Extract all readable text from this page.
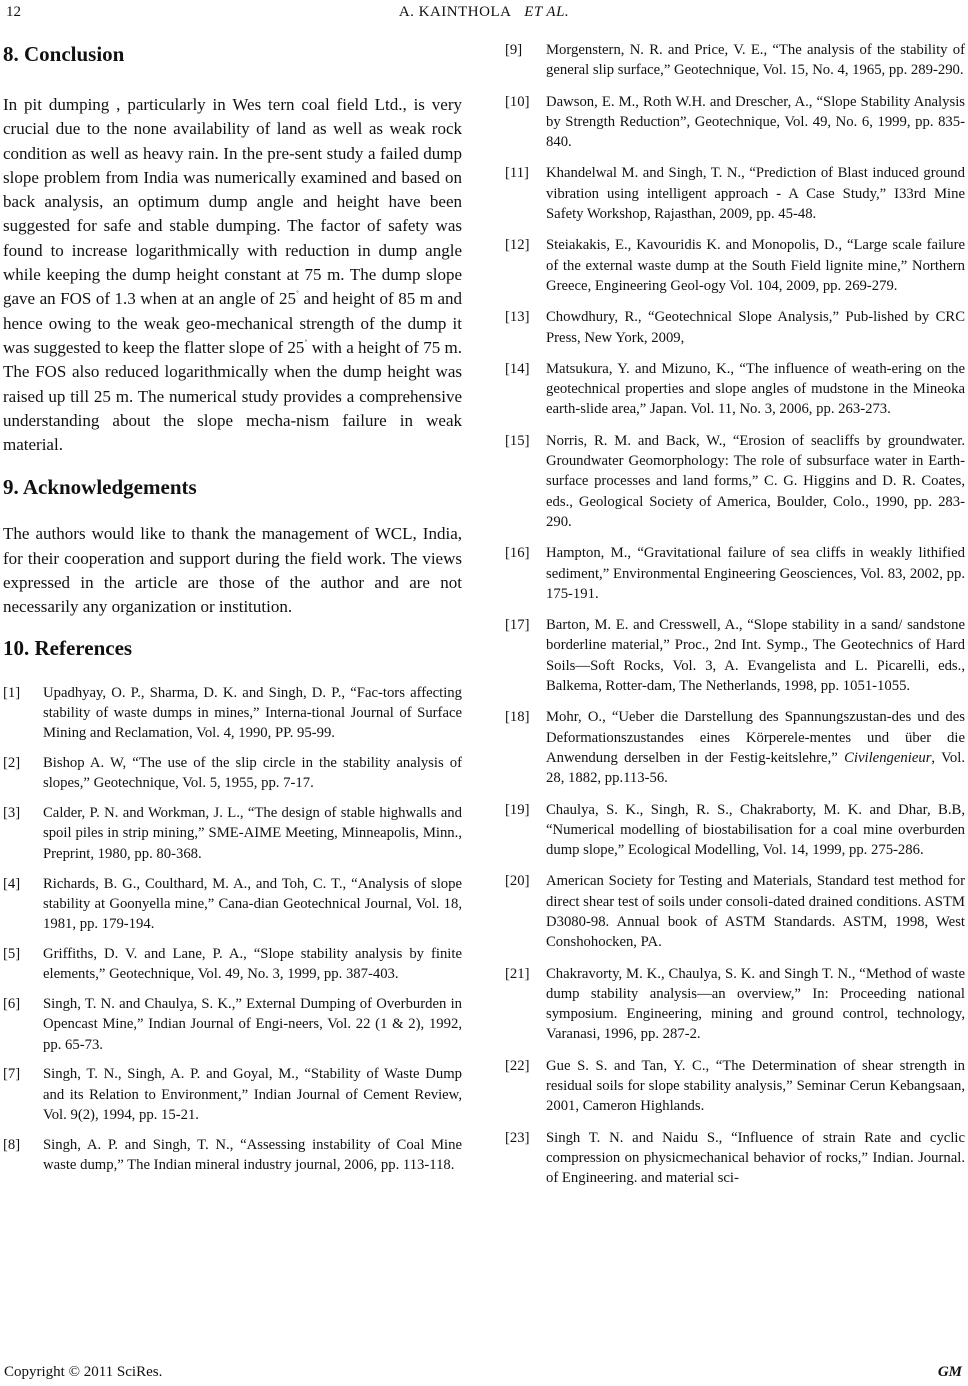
12	A. KAINTHOLA ET AL.
8. Conclusion

In pit dumping , particularly in Wes tern coal field Ltd., is very crucial due to the none availability of land as well as weak rock condition as well as heavy rain. In the pre-sent study a failed dump slope problem from India was numerically examined and based on back analysis, an optimum dump angle and height have been suggested for safe and stable dumping. The factor of safety was found to increase logarithmically with reduction in dump angle while keeping the dump height constant at 75 m. The dump slope gave an FOS of 1.3 when at an angle of 25˚ and height of 85 m and hence owing to the weak geo-mechanical strength of the dump it was suggested to keep the flatter slope of 25˚ with a height of 75 m. The FOS also reduced logarithmically when the dump height was raised up till 25 m. The numerical study provides a comprehensive understanding about the slope mecha-nism failure in weak material.

9. Acknowledgements

The authors would like to thank the management of WCL, India, for their cooperation and support during the field work. The views expressed in the article are those of the author and are not necessarily any organization or institution.

10. References
[1]	Upadhyay, O. P., Sharma, D. K. and Singh, D. P., “Fac-tors affecting stability of waste dumps in mines,” Interna-tional Journal of Surface Mining and Reclamation, Vol. 4, 1990, PP. 95-99.
[2]	Bishop A. W, “The use of the slip circle in the stability analysis of slopes,” Geotechnique, Vol. 5, 1955, pp. 7-17.
[3]	Calder, P. N. and Workman, J. L., “The design of stable highwalls and spoil piles in strip mining,” SME-AIME Meeting, Minneapolis, Minn., Preprint, 1980, pp. 80-368.
[4]	Richards, B. G., Coulthard, M. A., and Toh, C. T., “Analysis of slope stability at Goonyella mine,” Cana-dian Geotechnical Journal, Vol. 18, 1981, pp. 179-194.
[5]	Griffiths, D. V. and Lane, P. A., “Slope stability analysis by finite elements,” Geotechnique, Vol. 49, No. 3, 1999, pp. 387-403.
[6]	Singh, T. N. and Chaulya, S. K.,” External Dumping of Overburden in Opencast Mine,” Indian Journal of Engi-neers, Vol. 22 (1 & 2), 1992, pp. 65-73.
[7]	Singh, T. N., Singh, A. P. and Goyal, M., “Stability of Waste Dump and its Relation to Environment,” Indian Journal of Cement Review, Vol. 9(2), 1994, pp. 15-21.
[8]	Singh, A. P. and Singh, T. N., “Assessing instability of Coal Mine waste dump,” The Indian mineral industry journal, 2006, pp. 113-118.
[9]	Morgenstern, N. R. and Price, V. E., “The analysis of the stability of general slip surface,” Geotechnique, Vol. 15, No. 4, 1965, pp. 289-290.
[10]	Dawson, E. M., Roth W.H. and Drescher, A., “Slope Stability Analysis by Strength Reduction”, Geotechnique, Vol. 49, No. 6, 1999, pp. 835-840.
[11]	Khandelwal M. and Singh, T. N., “Prediction of Blast induced ground vibration using intelligent approach - A Case Study,” I33rd Mine Safety Workshop, Rajasthan, 2009, pp. 45-48.
[12]	Steiakakis, E., Kavouridis K. and Monopolis, D., “Large scale failure of the external waste dump at the South Field lignite mine,” Northern Greece, Engineering Geol-ogy Vol. 104, 2009, pp. 269-279.
[13]	Chowdhury, R., “Geotechnical Slope Analysis,” Pub-lished by CRC Press, New York, 2009,
[14]	Matsukura, Y. and Mizuno, K., “The influence of weath-ering on the geotechnical properties and slope angles of mudstone in the Mineoka earth-slide area,” Japan. Vol. 11, No. 3, 2006, pp. 263-273.
[15]	Norris, R. M. and Back, W., “Erosion of seacliffs by groundwater. Groundwater Geomorphology: The role of subsurface water in Earth-surface processes and land forms,” C. G. Higgins and D. R. Coates, eds., Geological Society of America, Boulder, Colo., 1990, pp. 283-290.
[16]	Hampton, M., “Gravitational failure of sea cliffs in weakly lithified sediment,” Environmental Engineering Geosciences, Vol. 83, 2002, pp. 175-191.
[17]	Barton, M. E. and Cresswell, A., “Slope stability in a sand/ sandstone borderline material,” Proc., 2nd Int. Symp., The Geotechnics of Hard Soils—Soft Rocks, Vol. 3, A. Evangelista and L. Picarelli, eds., Balkema, Rotter-dam, The Netherlands, 1998, pp. 1051-1055.
[18]	Mohr, O., “Ueber die Darstellung des Spannungszustan-des und des Deformationszustandes eines Körperele-mentes und über die Anwendung derselben in der Festig-keitslehre,” Civilengenieur, Vol. 28, 1882, pp.113-56.
[19]	Chaulya, S. K., Singh, R. S., Chakraborty, M. K. and Dhar, B.B, “Numerical modelling of biostabilisation for a coal mine overburden dump slope,” Ecological Modelling, Vol. 14, 1999, pp. 275-286.
[20]	American Society for Testing and Materials, Standard test method for direct shear test of soils under consoli-dated drained conditions. ASTM D3080-98. Annual book of ASTM Standards. ASTM, 1998, West Conshohocken, PA.
[21]	Chakravorty, M. K., Chaulya, S. K. and Singh T. N., “Method of waste dump stability analysis—an overview,” In: Proceeding national symposium. Engineering, mining and ground control, technology, Varanasi, 1996, pp. 287-2.
[22]	Gue S. S. and Tan, Y. C., “The Determination of shear strength in residual soils for slope stability analysis,” Seminar Cerun Kebangsaan, 2001, Cameron Highlands.
[23]	Singh T. N. and Naidu S., “Influence of strain Rate and cyclic compression on physicmechanical behavior of rocks,” Indian. Journal. of Engineering. and material sci-
Copyright © 2011 SciRes.	GM
